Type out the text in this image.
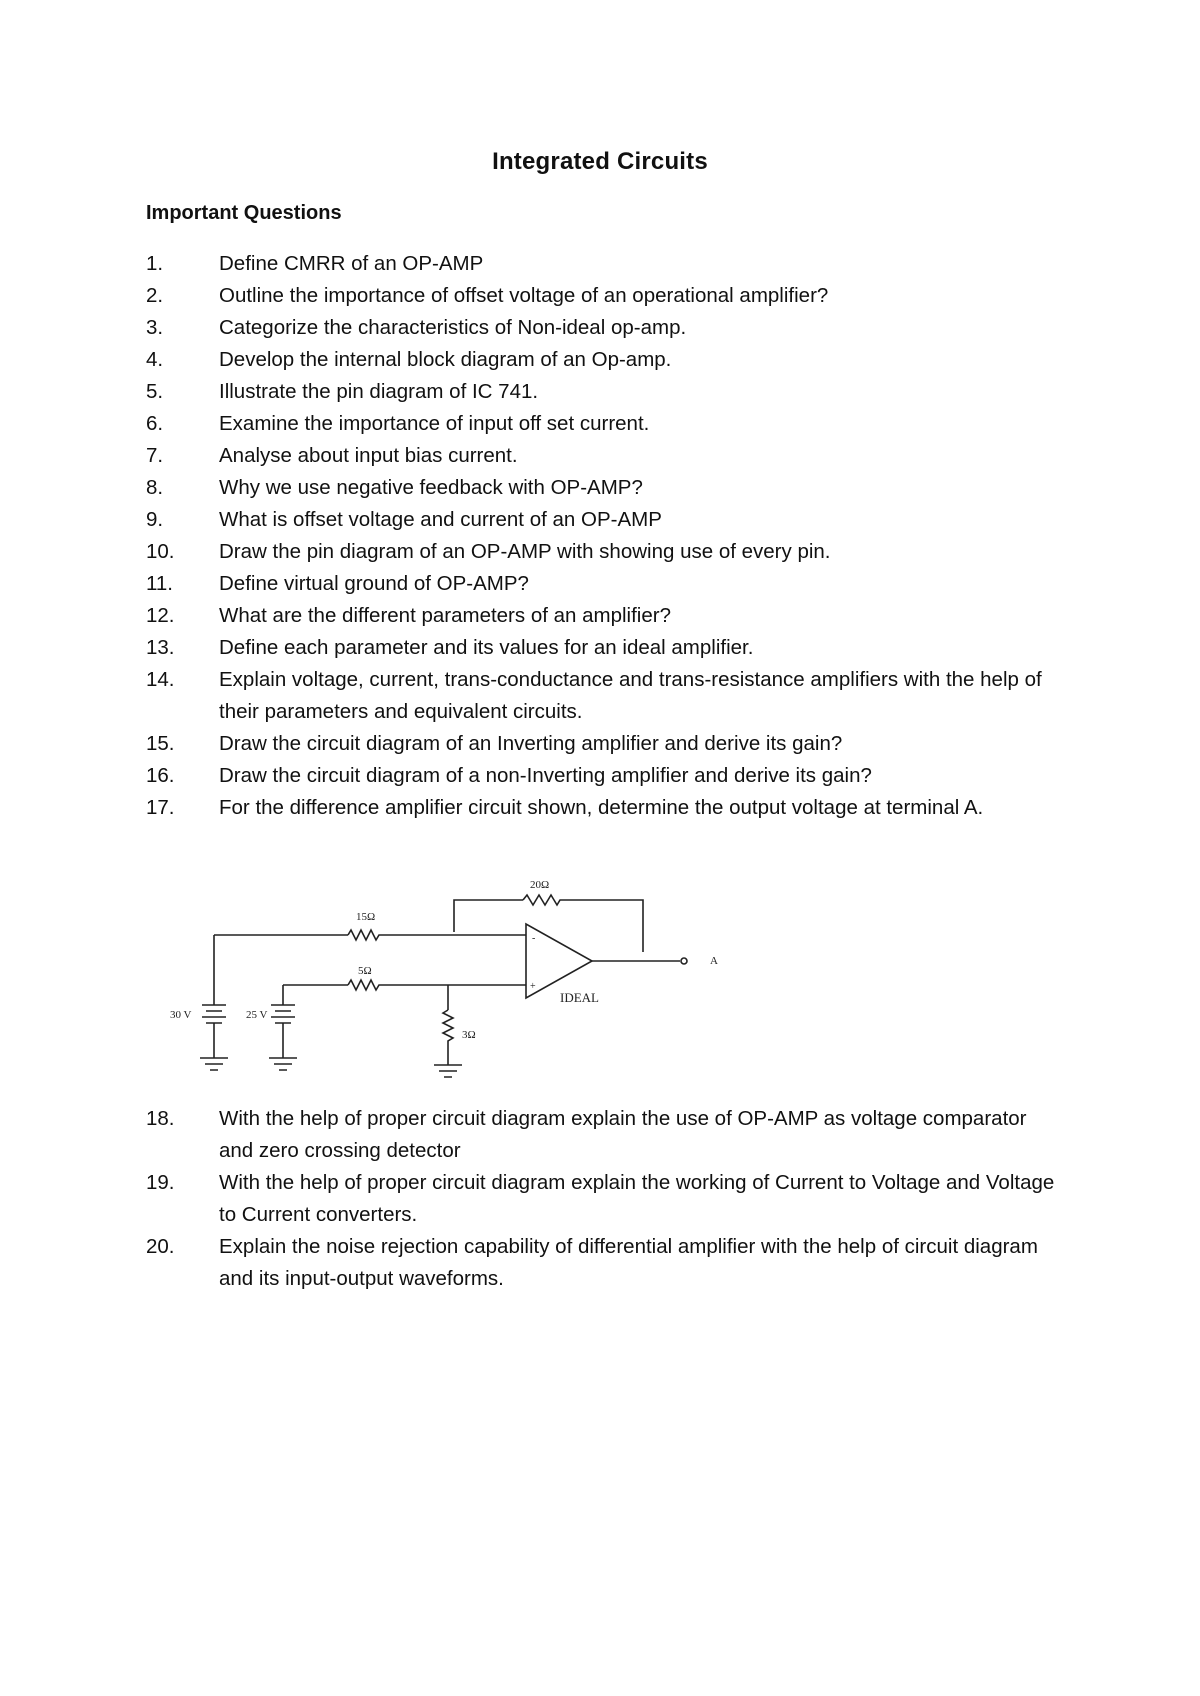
Integrated Circuits
Important Questions
1.	Define CMRR of an OP-AMP
2.	Outline the importance of offset voltage of an operational amplifier?
3.	Categorize the characteristics of Non-ideal op-amp.
4.	Develop the internal block diagram of an Op-amp.
5.	Illustrate the pin diagram of IC 741.
6.	Examine the importance of input off set current.
7.	Analyse about input bias current.
8.	Why we use negative feedback with OP-AMP?
9.	What is offset voltage and current of an OP-AMP
10.	Draw the pin diagram of an OP-AMP with showing use of every pin.
11.	Define virtual ground of OP-AMP?
12.	What are the different parameters of an amplifier?
13.	Define each parameter and its values for an ideal amplifier.
14.	Explain voltage, current, trans-conductance and trans-resistance amplifiers with the help of their parameters and equivalent circuits.
15.	Draw the circuit diagram of an Inverting amplifier and derive its gain?
16.	Draw the circuit diagram of a non-Inverting amplifier and derive its gain?
17.	For the difference amplifier circuit shown, determine the output voltage at terminal A.
20Ω
15Ω
5Ω
3Ω
30 V	25 V
IDEAL
A
-
+
18.	With the help of proper circuit diagram explain the use of OP-AMP as voltage comparator and zero crossing detector
19.	With the help of proper circuit diagram explain the working of Current to Voltage and Voltage to Current converters.
20.	Explain the noise rejection capability of differential amplifier with the help of circuit diagram and its input-output waveforms.
